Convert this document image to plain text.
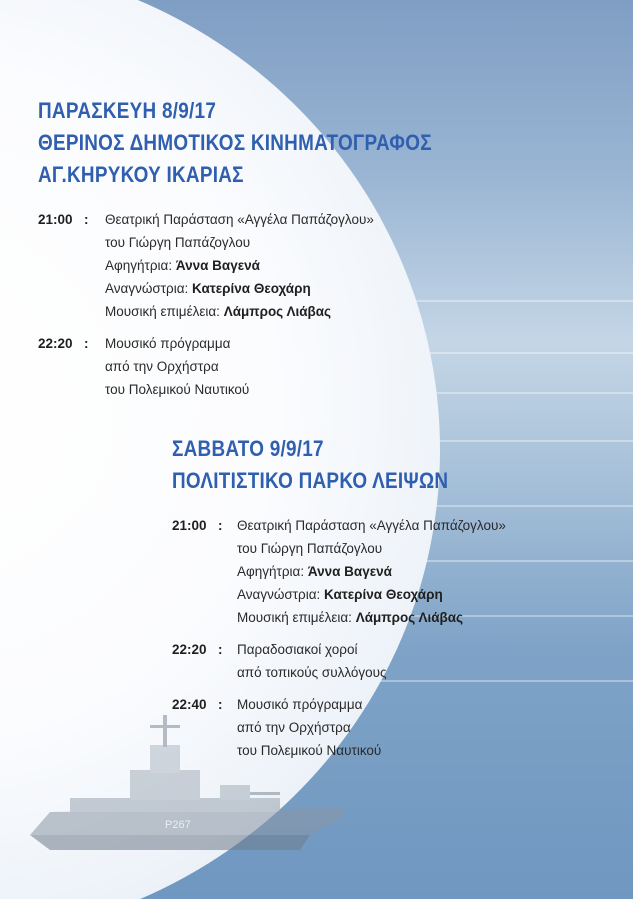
P267
ΠΑΡΑΣΚΕΥΗ 8/9/17
ΘΕΡΙΝΟΣ ΔΗΜΟΤΙΚΟΣ ΚΙΝΗΜΑΤΟΓΡΑΦΟΣ
ΑΓ.ΚΗΡΥΚΟΥ ΙΚΑΡΙΑΣ
21:00 : Θεατρική Παράσταση «Αγγέλα Παπάζογλου»
του Γιώργη Παπάζογλου
Αφηγήτρια: Άννα Βαγενά
Αναγνώστρια: Κατερίνα Θεοχάρη
Μουσική επιμέλεια: Λάμπρος Λιάβας
22:20 : Μουσικό πρόγραμμα
από την Ορχήστρα
του Πολεμικού Ναυτικού
ΣΑΒΒΑΤΟ 9/9/17
ΠΟΛΙΤΙΣΤΙΚΟ ΠΑΡΚΟ ΛΕΙΨΩΝ
21:00 : Θεατρική Παράσταση «Αγγέλα Παπάζογλου»
του Γιώργη Παπάζογλου
Αφηγήτρια: Άννα Βαγενά
Αναγνώστρια: Κατερίνα Θεοχάρη
Μουσική επιμέλεια: Λάμπρος Λιάβας
22:20 : Παραδοσιακοί χοροί
από τοπικούς συλλόγους
22:40 : Μουσικό πρόγραμμα
από την Ορχήστρα
του Πολεμικού Ναυτικού
